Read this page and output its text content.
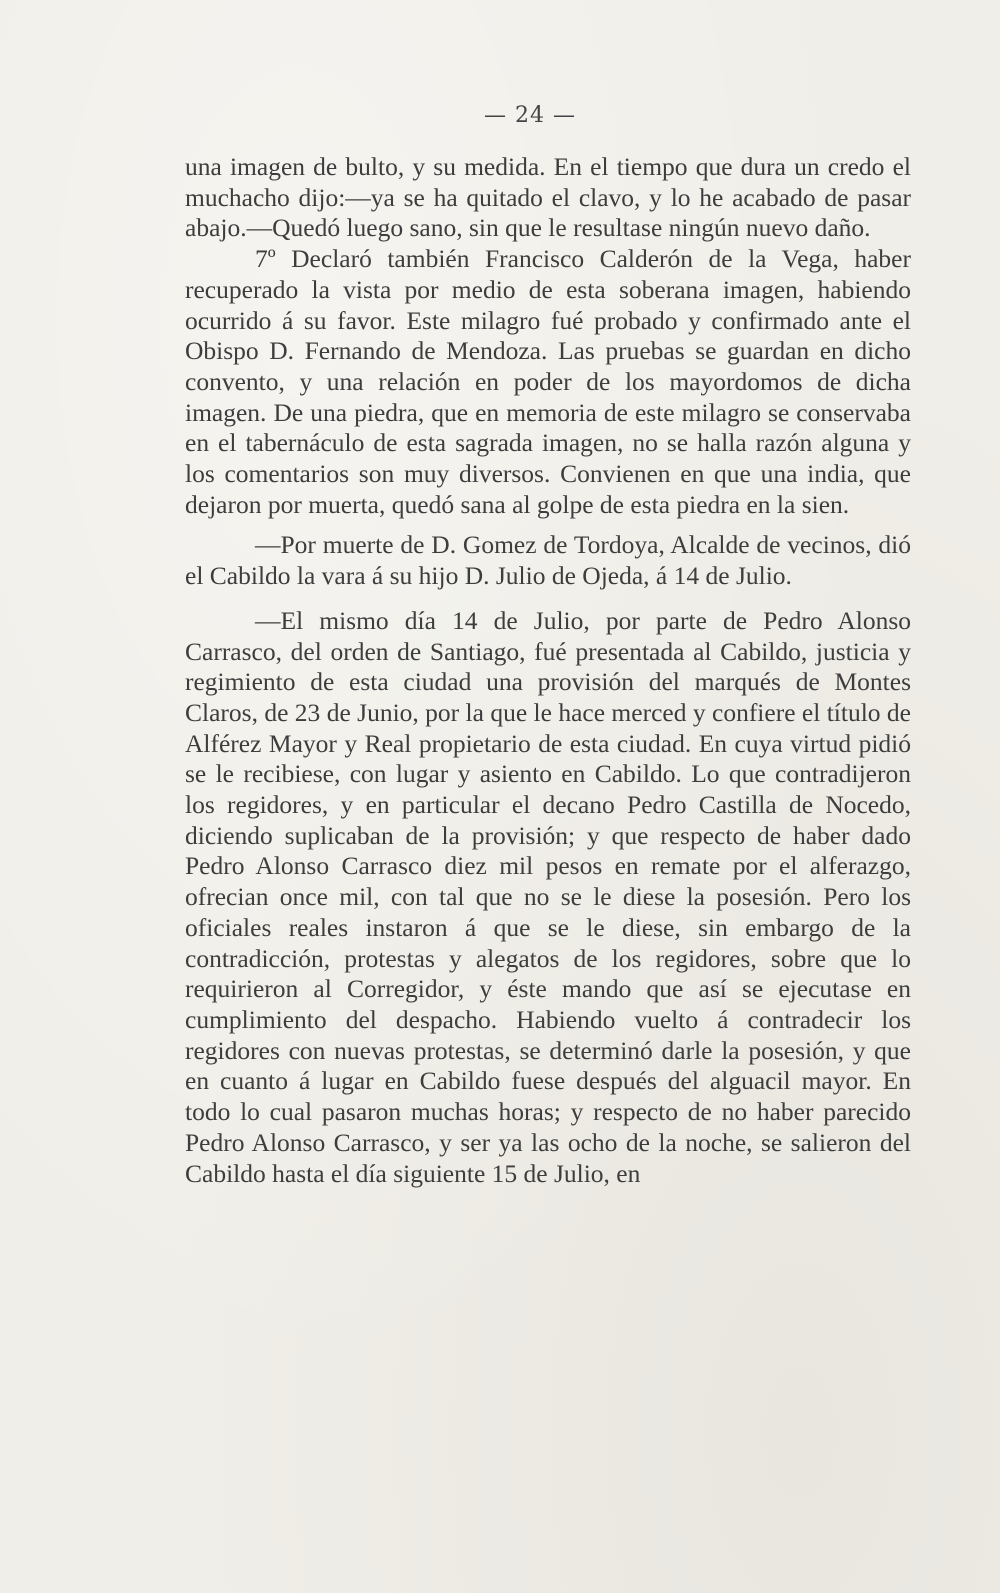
— 24 —

una imagen de bulto, y su medida. En el tiempo que dura un credo el muchacho dijo:—ya se ha quitado el clavo, y lo he acabado de pasar abajo.—Quedó luego sano, sin que le resultase ningún nuevo daño.

7º Declaró también Francisco Calderón de la Vega, haber recuperado la vista por medio de esta soberana imagen, habiendo ocurrido á su favor. Este milagro fué probado y confirmado ante el Obispo D. Fernando de Mendoza. Las pruebas se guardan en dicho convento, y una relación en poder de los mayordomos de dicha imagen. De una piedra, que en memoria de este milagro se conservaba en el tabernáculo de esta sagrada imagen, no se halla razón alguna y los comentarios son muy diversos. Convienen en que una india, que dejaron por muerta, quedó sana al golpe de esta piedra en la sien.

—Por muerte de D. Gomez de Tordoya, Alcalde de vecinos, dió el Cabildo la vara á su hijo D. Julio de Ojeda, á 14 de Julio.

—El mismo día 14 de Julio, por parte de Pedro Alonso Carrasco, del orden de Santiago, fué presentada al Cabildo, justicia y regimiento de esta ciudad una provisión del marqués de Montes Claros, de 23 de Junio, por la que le hace merced y confiere el título de Alférez Mayor y Real propietario de esta ciudad. En cuya virtud pidió se le recibiese, con lugar y asiento en Cabildo. Lo que contradijeron los regidores, y en particular el decano Pedro Castilla de Nocedo, diciendo suplicaban de la provisión; y que respecto de haber dado Pedro Alonso Carrasco diez mil pesos en remate por el alferazgo, ofrecian once mil, con tal que no se le diese la posesión. Pero los oficiales reales instaron á que se le diese, sin embargo de la contradicción, protestas y alegatos de los regidores, sobre que lo requirieron al Corregidor, y éste mando que así se ejecutase en cumplimiento del despacho. Habiendo vuelto á contradecir los regidores con nuevas protestas, se determinó darle la posesión, y que en cuanto á lugar en Cabildo fuese después del alguacil mayor. En todo lo cual pasaron muchas horas; y respecto de no haber parecido Pedro Alonso Carrasco, y ser ya las ocho de la noche, se salieron del Cabildo hasta el día siguiente 15 de Julio, en
